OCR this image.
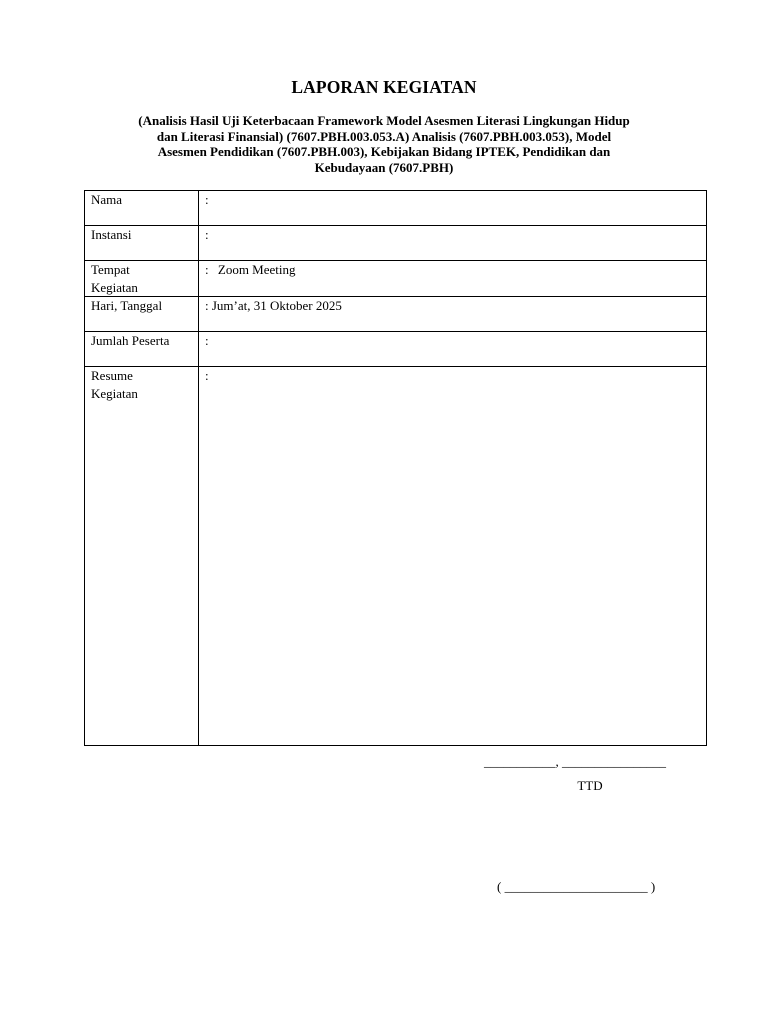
LAPORAN KEGIATAN
(Analisis Hasil Uji Keterbacaan Framework Model Asesmen Literasi Lingkungan Hidup
dan Literasi Finansial) (7607.PBH.003.053.A) Analisis (7607.PBH.003.053), Model
Asesmen Pendidikan (7607.PBH.003), Kebijakan Bidang IPTEK, Pendidikan dan
Kebudayaan (7607.PBH)
Nama	:

Instansi	:

Tempat
Kegiatan	: Zoom Meeting

Hari, Tanggal	: Jum’at, 31 Oktober 2025

Jumlah Peserta	:

Resume
Kegiatan	:
___________, ________________
TTD
( ______________________ )
